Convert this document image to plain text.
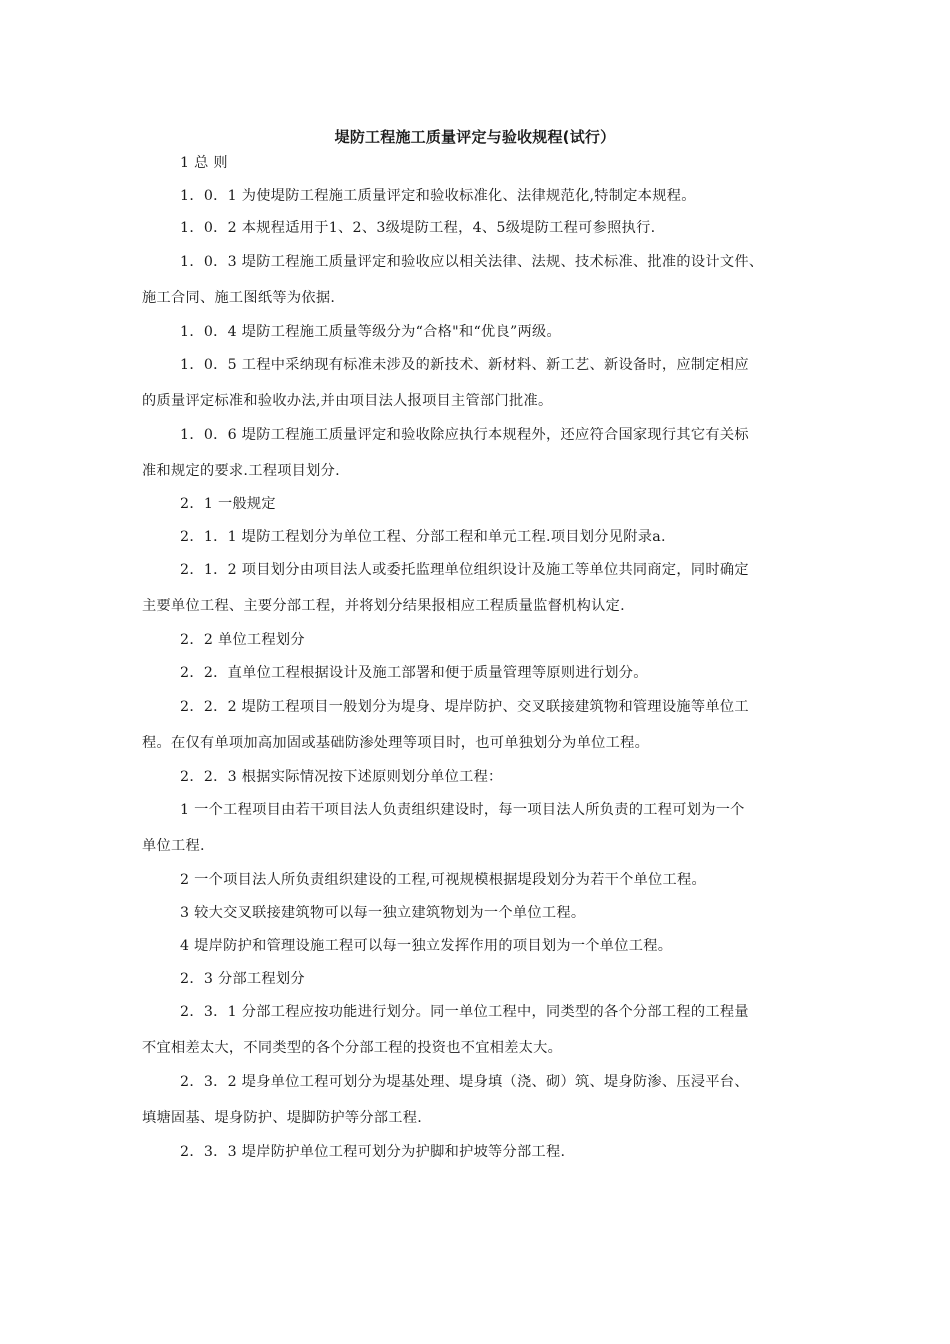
堤防工程施工质量评定与验收规程(试行）
1 总 则
1．0．1 为使堤防工程施工质量评定和验收标准化、法律规范化,特制定本规程。
1．0．2 本规程适用于1、2、3级堤防工程，4、5级堤防工程可参照执行.
1．0．3 堤防工程施工质量评定和验收应以相关法律、法规、技术标准、批准的设计文件、
施工合同、施工图纸等为依据.
1．0．4 堤防工程施工质量等级分为“合格"和“优良”两级。
1．0．5 工程中采纳现有标准未涉及的新技术、新材料、新工艺、新设备时，应制定相应
的质量评定标准和验收办法,并由项目法人报项目主管部门批准。
1．0．6 堤防工程施工质量评定和验收除应执行本规程外，还应符合国家现行其它有关标
准和规定的要求.工程项目划分.
2．1 一般规定
2．1．1 堤防工程划分为单位工程、分部工程和单元工程.项目划分见附录a.
2．1．2 项目划分由项目法人或委托监理单位组织设计及施工等单位共同商定，同时确定
主要单位工程、主要分部工程，并将划分结果报相应工程质量监督机构认定.
2．2 单位工程划分
2．2．直单位工程根据设计及施工部署和便于质量管理等原则进行划分。
2．2．2 堤防工程项目一般划分为堤身、堤岸防护、交叉联接建筑物和管理设施等单位工
程。在仅有单项加高加固或基础防渗处理等项目时，也可单独划分为单位工程。
2．2．3 根据实际情况按下述原则划分单位工程：
1 一个工程项目由若干项目法人负责组织建设时，每一项目法人所负责的工程可划为一个
单位工程.
2 一个项目法人所负责组织建设的工程,可视规模根据堤段划分为若干个单位工程。
3 较大交叉联接建筑物可以每一独立建筑物划为一个单位工程。
4 堤岸防护和管理设施工程可以每一独立发挥作用的项目划为一个单位工程。
2．3 分部工程划分
2．3．1 分部工程应按功能进行划分。同一单位工程中，同类型的各个分部工程的工程量
不宜相差太大，不同类型的各个分部工程的投资也不宜相差太大。
2．3．2 堤身单位工程可划分为堤基处理、堤身填（浇、砌）筑、堤身防渗、压浸平台、
填塘固基、堤身防护、堤脚防护等分部工程.
2．3．3 堤岸防护单位工程可划分为护脚和护坡等分部工程.
